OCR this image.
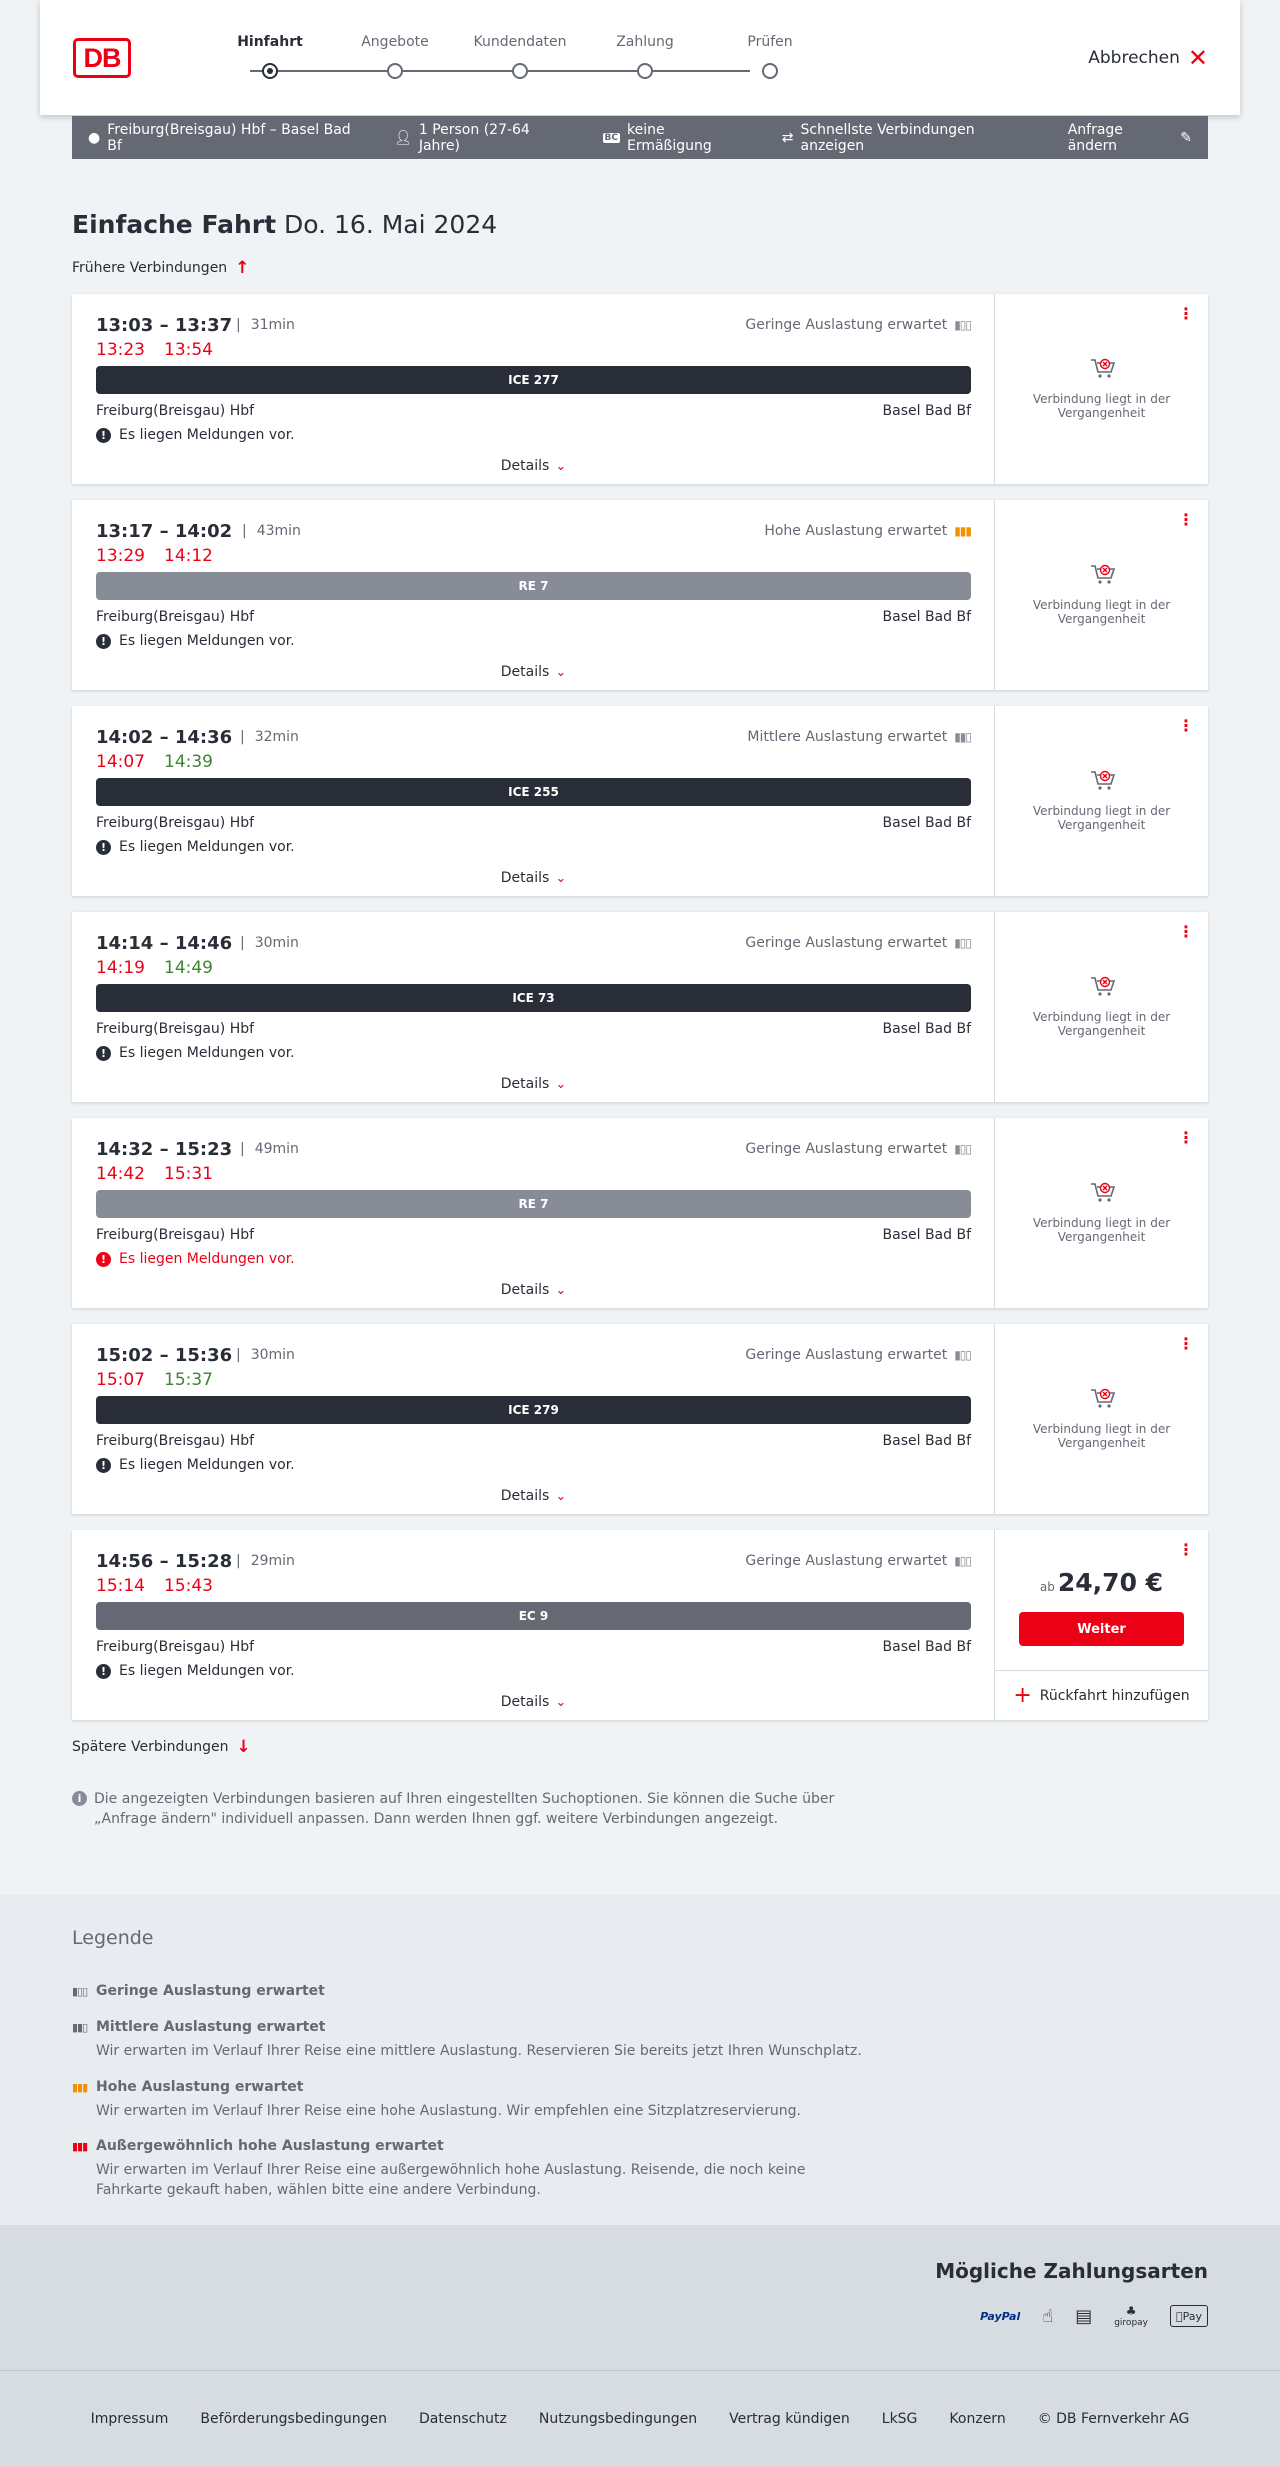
DB
Hinfahrt	Angebote	Kundendaten	Zahlung	Prüfen
Abbrechen ✕
● Freiburg(Breisgau) Hbf – Basel Bad Bf	👤︎ 1 Person (27-64 Jahre)	BC keine Ermäßigung	⇄ Schnellste Verbindungen anzeigen
Anfrage ändern	✎
Einfache Fahrt Do. 16. Mai 2024
Frühere Verbindungen ↑
13:03 – 13:37	| 31min
13:23 13:54
Geringe Auslastung erwartet ▮▯▯
ICE 277
Freiburg(Breisgau) Hbf	Basel Bad Bf
! Es liegen Meldungen vor.
Details ⌄
⋮
Verbindung liegt in der Vergangenheit
13:17 – 14:02	| 43min
13:29 14:12
Hohe Auslastung erwartet ▮▮▮
RE 7
Freiburg(Breisgau) Hbf	Basel Bad Bf
! Es liegen Meldungen vor.
Details ⌄
⋮
Verbindung liegt in der Vergangenheit
14:02 – 14:36	| 32min
14:07 14:39
Mittlere Auslastung erwartet ▮▮▯
ICE 255
Freiburg(Breisgau) Hbf	Basel Bad Bf
! Es liegen Meldungen vor.
Details ⌄
⋮
Verbindung liegt in der Vergangenheit
14:14 – 14:46	| 30min
14:19 14:49
Geringe Auslastung erwartet ▮▯▯
ICE 73
Freiburg(Breisgau) Hbf	Basel Bad Bf
! Es liegen Meldungen vor.
Details ⌄
⋮
Verbindung liegt in der Vergangenheit
14:32 – 15:23	| 49min
14:42 15:31
Geringe Auslastung erwartet ▮▯▯
RE 7
Freiburg(Breisgau) Hbf	Basel Bad Bf
! Es liegen Meldungen vor.
Details ⌄
⋮
Verbindung liegt in der Vergangenheit
15:02 – 15:36	| 30min
15:07 15:37
Geringe Auslastung erwartet ▮▯▯
ICE 279
Freiburg(Breisgau) Hbf	Basel Bad Bf
! Es liegen Meldungen vor.
Details ⌄
⋮
Verbindung liegt in der Vergangenheit
14:56 – 15:28	| 29min
15:14 15:43
Geringe Auslastung erwartet ▮▯▯
EC 9
Freiburg(Breisgau) Hbf	Basel Bad Bf
! Es liegen Meldungen vor.
Details ⌄
⋮
ab 24,70 €
Weiter
+ Rückfahrt hinzufügen
Spätere Verbindungen ↓
i Die angezeigten Verbindungen basieren auf Ihren eingestellten Suchoptionen. Sie können die Suche über „Anfrage ändern" individuell anpassen. Dann werden Ihnen ggf. weitere Verbindungen angezeigt.
Legende
▮▯▯ Geringe Auslastung erwartet
▮▮▯ Mittlere Auslastung erwartet

Wir erwarten im Verlauf Ihrer Reise eine mittlere Auslastung. Reservieren Sie bereits jetzt Ihren Wunschplatz.

▮▮▮ Hohe Auslastung erwartet

Wir erwarten im Verlauf Ihrer Reise eine hohe Auslastung. Wir empfehlen eine Sitzplatzreservierung.

▮▮▮ Außergewöhnlich hohe Auslastung erwartet

Wir erwarten im Verlauf Ihrer Reise eine außergewöhnlich hohe Auslastung. Reisende, die noch keine Fahrkarte gekauft haben, wählen bitte eine andere Verbindung.

Mögliche Zahlungsarten
PayPal	☝	▤	♣
giropay
Pay
Impressum Beförderungsbedingungen Datenschutz Nutzungsbedingungen Vertrag kündigen LkSG Konzern © DB Fernverkehr AG
